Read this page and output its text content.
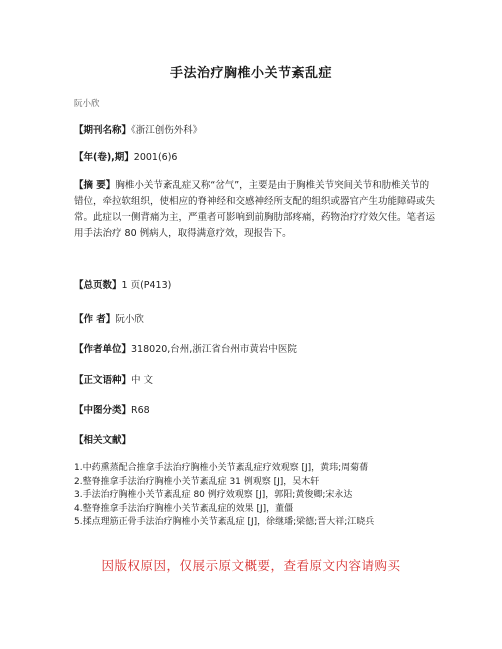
手法治疗胸椎小关节紊乱症
阮小欣
【期刊名称】《浙江创伤外科》
【年(卷),期】2001(6)6
【摘 要】胸椎小关节紊乱症又称“岔气”，主要是由于胸椎关节突间关节和肋椎关节的错位，牵拉软组织，使相应的脊神经和交感神经所支配的组织或器官产生功能障碍或失常。此症以一侧背痛为主，严重者可影响到前胸肋部疼痛，药物治疗疗效欠佳。笔者运用手法治疗 80 例病人，取得满意疗效，现报告下。
【总页数】1 页(P413)
【作 者】阮小欣
【作者单位】318020,台州,浙江省台州市黄岩中医院
【正文语种】中 文
【中图分类】R68
【相关文献】
1.中药熏蒸配合推拿手法治疗胸椎小关节紊乱症疗效观察 [J]，黄玮;周菊蒨
2.整脊推拿手法治疗胸椎小关节紊乱症 31 例观察 [J]，吴木轩
3.手法治疗胸椎小关节紊乱症 80 例疗效观察 [J]，郭阳;黄俊卿;宋永达
4.整脊推拿手法治疗胸椎小关节紊乱症的效果 [J]，董僵
5.揉点理筋正骨手法治疗胸椎小关节紊乱症 [J]，徐继璠;梁德;晋大祥;江晓兵
因版权原因，仅展示原文概要，查看原文内容请购买
